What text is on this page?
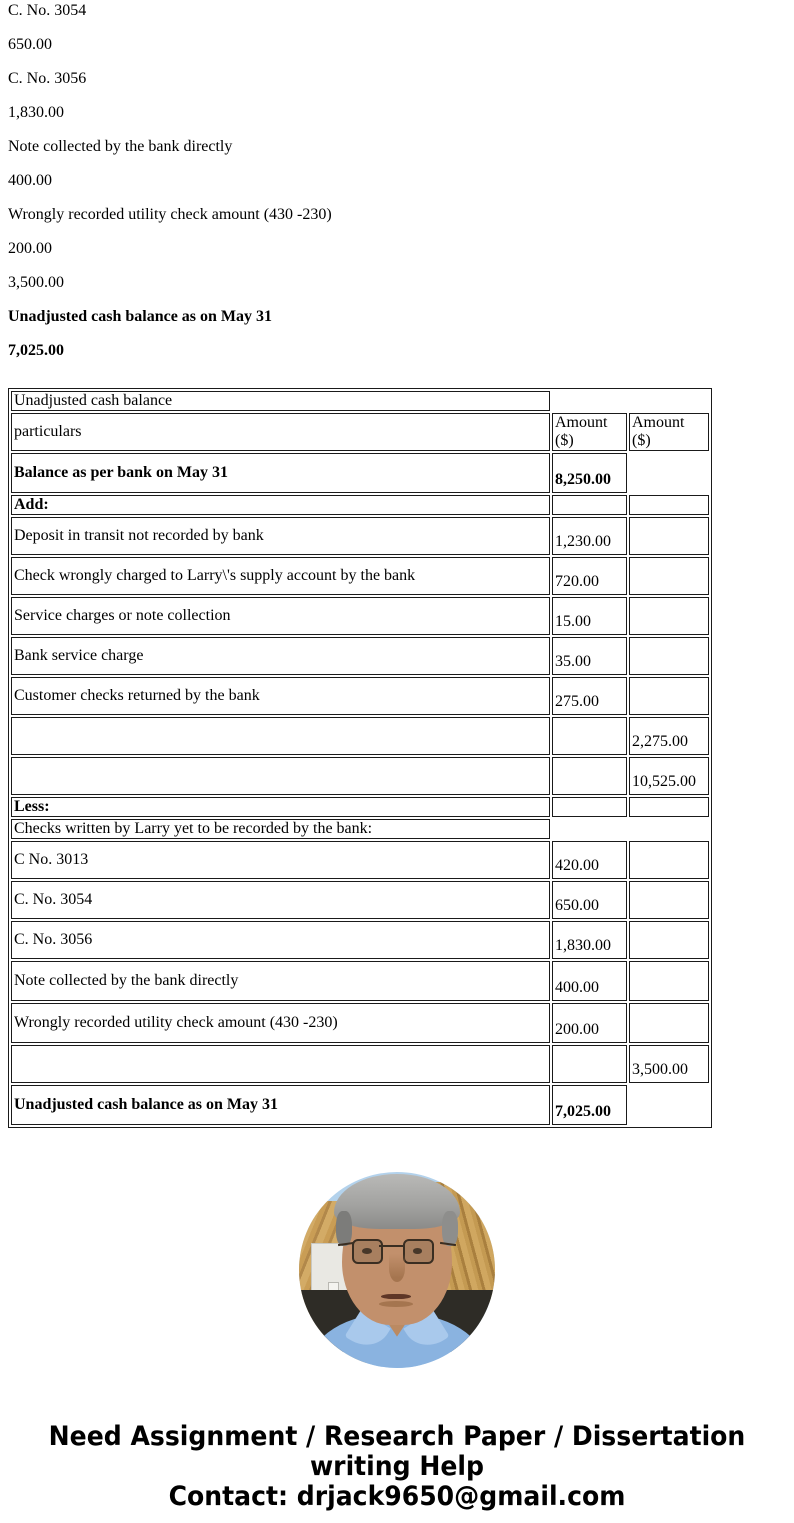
C. No. 3054

650.00

C. No. 3056

1,830.00

Note collected by the bank directly

400.00

Wrongly recorded utility check amount (430 -230)

200.00

3,500.00

Unadjusted cash balance as on May 31

7,025.00

Unadjusted cash balance		
particulars	Amount ($)	Amount ($)
Balance as per bank on May 31	8,250.00	
Add:		
Deposit in transit not recorded by bank	1,230.00	
Check wrongly charged to Larry\'s supply account by the bank	720.00	
Service charges or note collection	15.00	
Bank service charge	35.00	
Customer checks returned by the bank	275.00	
		2,275.00
		10,525.00
Less:		
Checks written by Larry yet to be recorded by the bank:		
C No. 3013	420.00	
C. No. 3054	650.00	
C. No. 3056	1,830.00	
Note collected by the bank directly	400.00	
Wrongly recorded utility check amount (430 -230)	200.00	
		3,500.00
Unadjusted cash balance as on May 31	7,025.00	
Need Assignment / Research Paper / Dissertation
writing Help
Contact: drjack9650@gmail.com
